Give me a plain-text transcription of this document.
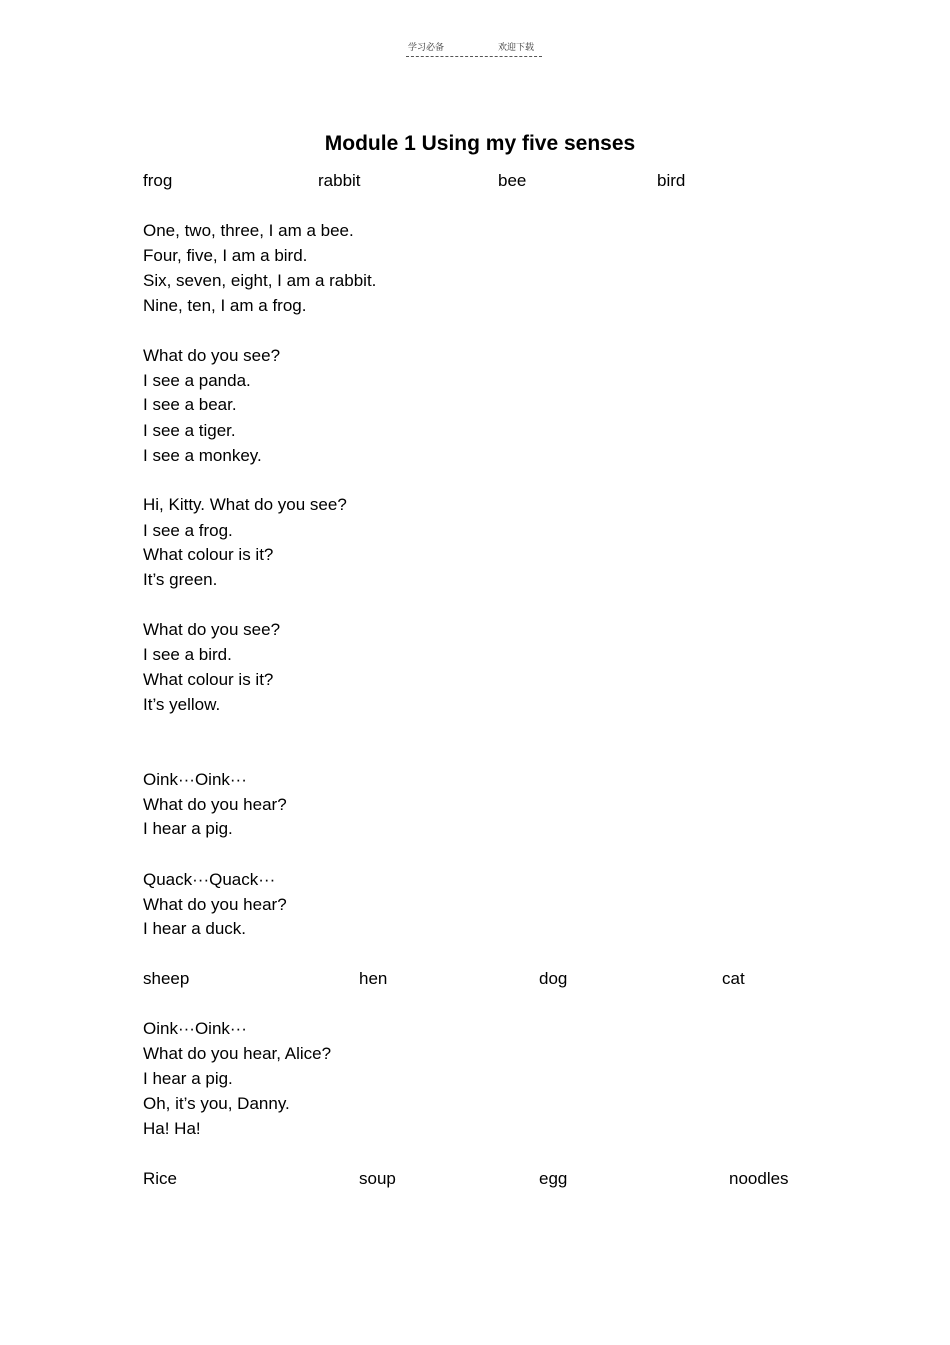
学习必备	欢迎下载
Module 1 Using my five senses
frog	rabbit	bee	bird
One, two, three, I am a bee.
Four, five, I am a bird.
Six, seven, eight, I am a rabbit.
Nine, ten, I am a frog.
What do you see?
I see a panda.
I see a bear.
I see a tiger.
I see a monkey.
Hi, Kitty. What do you see?
I see a frog.
What colour is it?
It’s green.
What do you see?
I see a bird.
What colour is it?
It’s yellow.
Oink···Oink···
What do you hear?
I hear a pig.
Quack···Quack···
What do you hear?
I hear a duck.
sheep	hen	dog	cat
Oink···Oink···
What do you hear, Alice?
I hear a pig.
Oh, it’s you, Danny.
Ha! Ha!
Rice	soup	egg	noodles
